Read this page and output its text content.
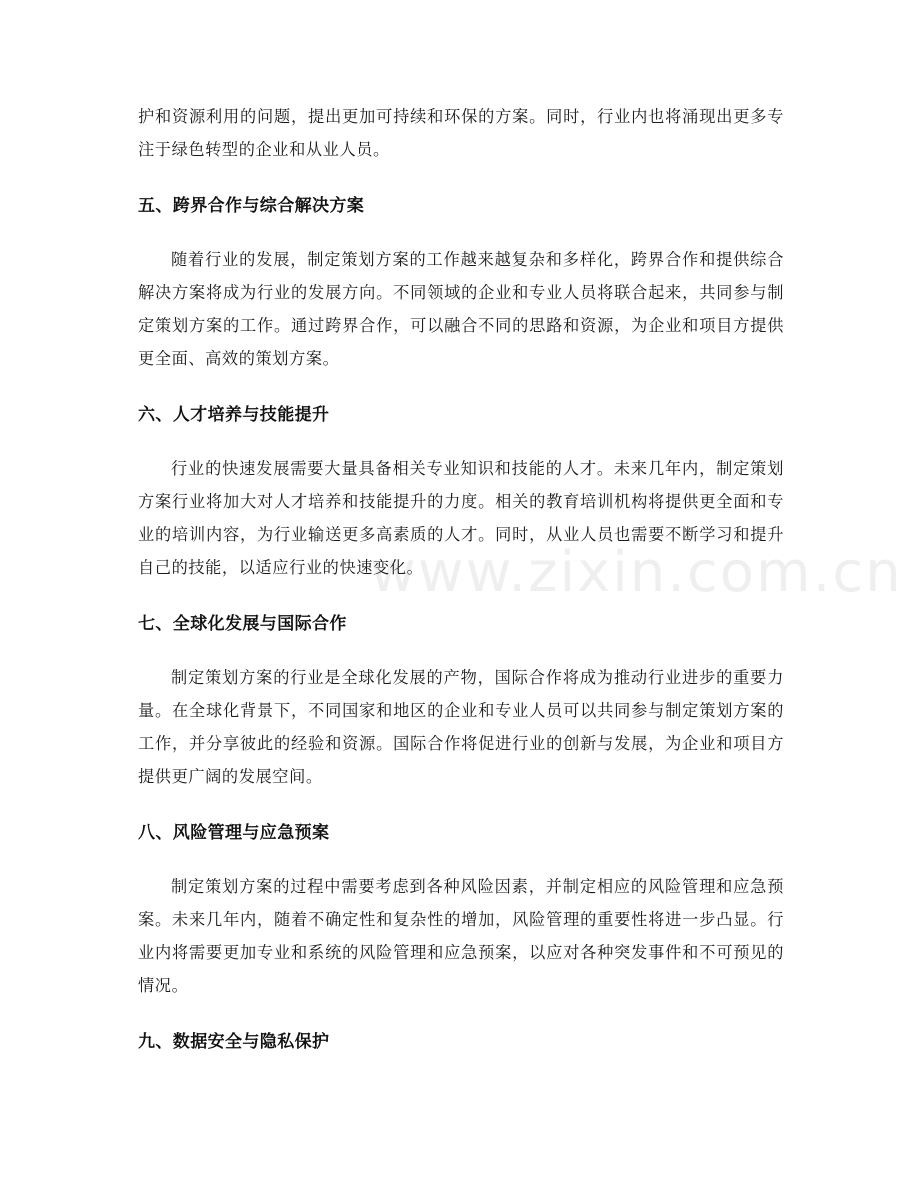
护和资源利用的问题，提出更加可持续和环保的方案。同时，行业内也将涌现出更多专注于绿色转型的企业和从业人员。

五、跨界合作与综合解决方案

随着行业的发展，制定策划方案的工作越来越复杂和多样化，跨界合作和提供综合解决方案将成为行业的发展方向。不同领域的企业和专业人员将联合起来，共同参与制定策划方案的工作。通过跨界合作，可以融合不同的思路和资源，为企业和项目方提供更全面、高效的策划方案。

六、人才培养与技能提升

行业的快速发展需要大量具备相关专业知识和技能的人才。未来几年内，制定策划方案行业将加大对人才培养和技能提升的力度。相关的教育培训机构将提供更全面和专业的培训内容，为行业输送更多高素质的人才。同时，从业人员也需要不断学习和提升自己的技能，以适应行业的快速变化。

七、全球化发展与国际合作

制定策划方案的行业是全球化发展的产物，国际合作将成为推动行业进步的重要力量。在全球化背景下，不同国家和地区的企业和专业人员可以共同参与制定策划方案的工作，并分享彼此的经验和资源。国际合作将促进行业的创新与发展，为企业和项目方提供更广阔的发展空间。

八、风险管理与应急预案

制定策划方案的过程中需要考虑到各种风险因素，并制定相应的风险管理和应急预案。未来几年内，随着不确定性和复杂性的增加，风险管理的重要性将进一步凸显。行业内将需要更加专业和系统的风险管理和应急预案，以应对各种突发事件和不可预见的情况。

九、数据安全与隐私保护
www.zixin.com.cn
